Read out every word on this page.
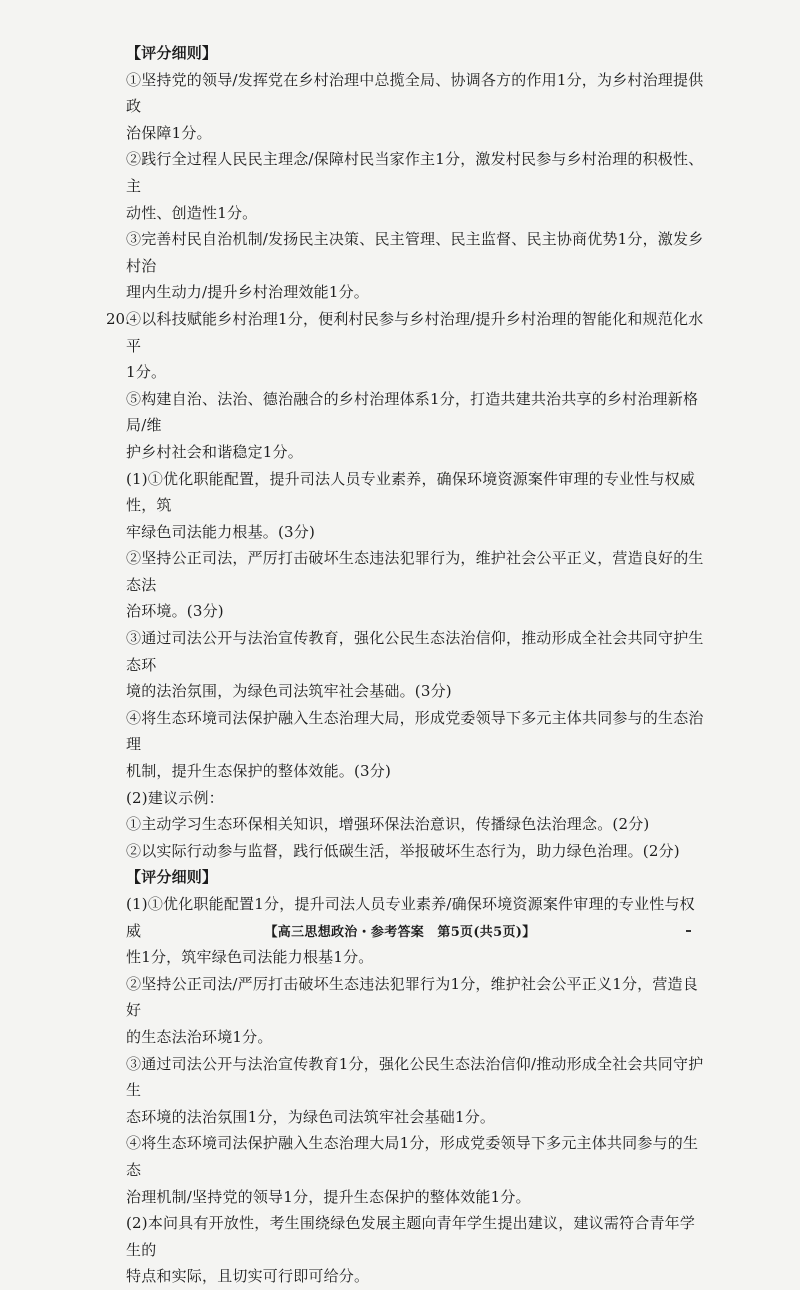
【评分细则】

①坚持党的领导/发挥党在乡村治理中总揽全局、协调各方的作用1分，为乡村治理提供政

治保障1分。

②践行全过程人民民主理念/保障村民当家作主1分，激发村民参与乡村治理的积极性、主

动性、创造性1分。

③完善村民自治机制/发扬民主决策、民主管理、民主监督、民主协商优势1分，激发乡村治

理内生动力/提升乡村治理效能1分。

④以科技赋能乡村治理1分，便利村民参与乡村治理/提升乡村治理的智能化和规范化水平

1分。

⑤构建自治、法治、德治融合的乡村治理体系1分，打造共建共治共享的乡村治理新格局/维

护乡村社会和谐稳定1分。

(1)①优化职能配置，提升司法人员专业素养，确保环境资源案件审理的专业性与权威性，筑

牢绿色司法能力根基。(3分)

②坚持公正司法，严厉打击破坏生态违法犯罪行为，维护社会公平正义，营造良好的生态法

治环境。(3分)

③通过司法公开与法治宣传教育，强化公民生态法治信仰，推动形成全社会共同守护生态环

境的法治氛围，为绿色司法筑牢社会基础。(3分)

④将生态环境司法保护融入生态治理大局，形成党委领导下多元主体共同参与的生态治理

机制，提升生态保护的整体效能。(3分)

(2)建议示例：

①主动学习生态环保相关知识，增强环保法治意识，传播绿色法治理念。(2分)

②以实际行动参与监督，践行低碳生活，举报破坏生态行为，助力绿色治理。(2分)

【评分细则】

(1)①优化职能配置1分，提升司法人员专业素养/确保环境资源案件审理的专业性与权威

性1分，筑牢绿色司法能力根基1分。

②坚持公正司法/严厉打击破坏生态违法犯罪行为1分，维护社会公平正义1分，营造良好

的生态法治环境1分。

③通过司法公开与法治宣传教育1分，强化公民生态法治信仰/推动形成全社会共同守护生

态环境的法治氛围1分，为绿色司法筑牢社会基础1分。

④将生态环境司法保护融入生态治理大局1分，形成党委领导下多元主体共同参与的生态

治理机制/坚持党的领导1分，提升生态保护的整体效能1分。

(2)本问具有开放性，考生围绕绿色发展主题向青年学生提出建议，建议需符合青年学生的

特点和实际，且切实可行即可给分。

20.
【高三思想政治・参考答案　第5页(共5页)】
